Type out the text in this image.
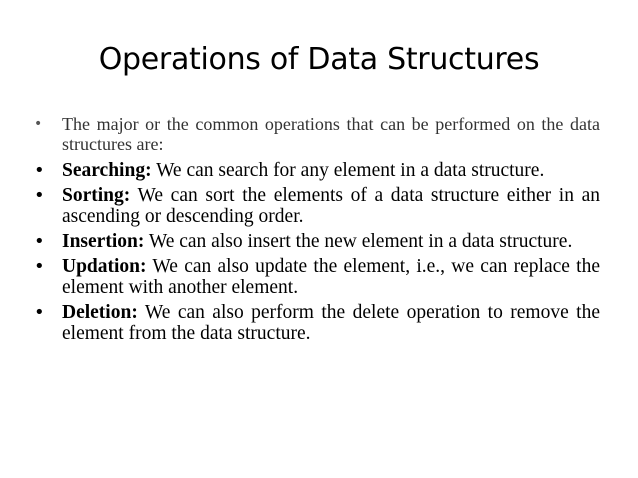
Operations of Data Structures
• The major or the common operations that can be performed on the data structures are:
• Searching: We can search for any element in a data structure.
• Sorting: We can sort the elements of a data structure either in an ascending or descending order.
• Insertion: We can also insert the new element in a data structure.
• Updation: We can also update the element, i.e., we can replace the element with another element.
• Deletion: We can also perform the delete operation to remove the element from the data structure.
